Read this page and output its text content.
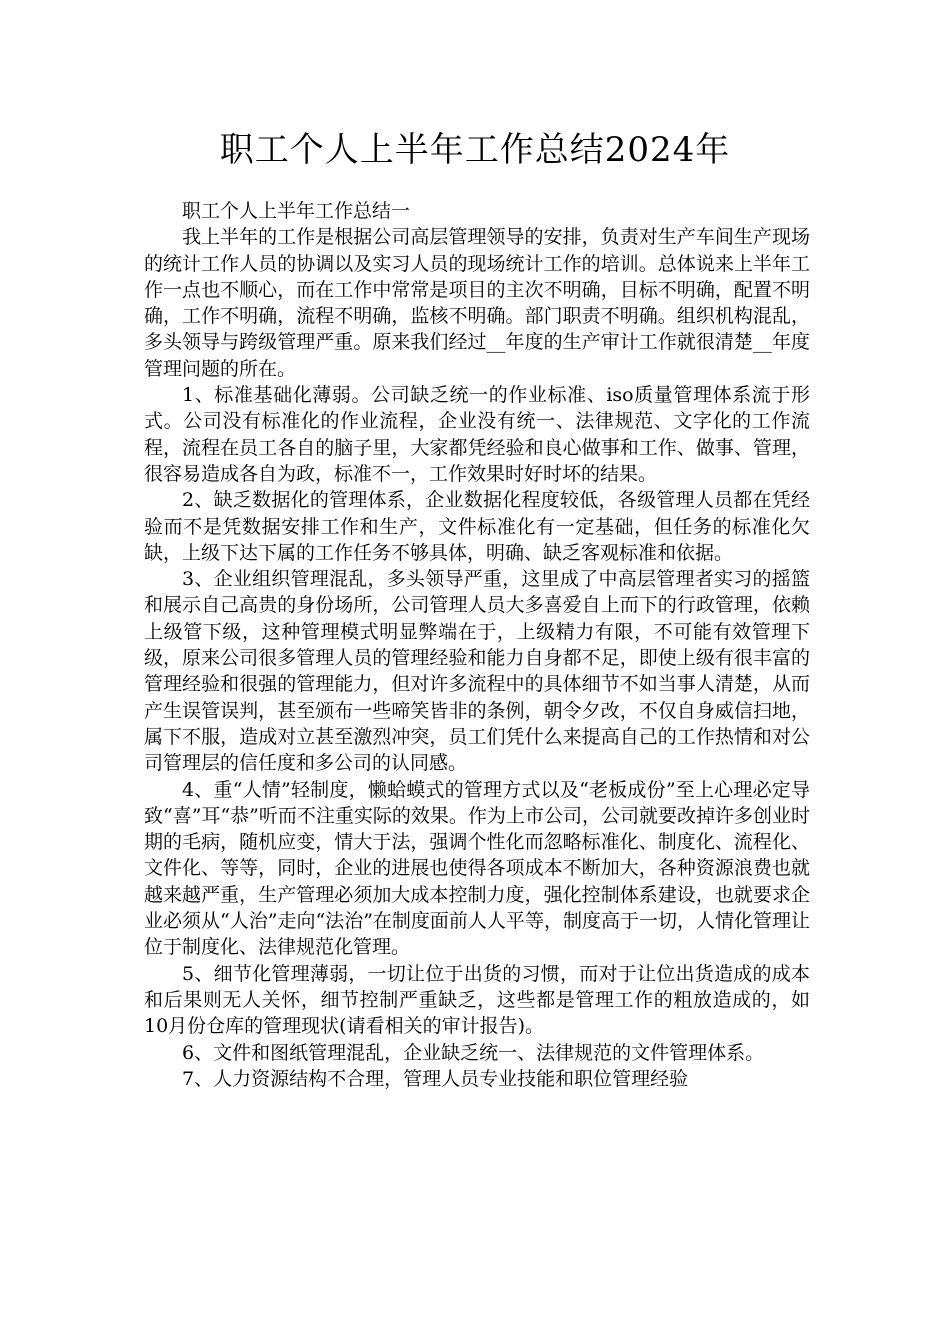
职工个人上半年工作总结2024年

职工个人上半年工作总结一

我上半年的工作是根据公司高层管理领导的安排，负责对生产车间生产现场的统计工作人员的协调以及实习人员的现场统计工作的培训。总体说来上半年工作一点也不顺心，而在工作中常常是项目的主次不明确，目标不明确，配置不明确，工作不明确，流程不明确，监核不明确。部门职责不明确。组织机构混乱，多头领导与跨级管理严重。原来我们经过__年度的生产审计工作就很清楚__年度管理问题的所在。

1、标准基础化薄弱。公司缺乏统一的作业标准、iso质量管理体系流于形式。公司没有标准化的作业流程，企业没有统一、法律规范、文字化的工作流程，流程在员工各自的脑子里，大家都凭经验和良心做事和工作、做事、管理，很容易造成各自为政，标准不一，工作效果时好时坏的结果。

2、缺乏数据化的管理体系，企业数据化程度较低，各级管理人员都在凭经验而不是凭数据安排工作和生产，文件标准化有一定基础，但任务的标准化欠缺，上级下达下属的工作任务不够具体，明确、缺乏客观标准和依据。

3、企业组织管理混乱，多头领导严重，这里成了中高层管理者实习的摇篮和展示自己高贵的身份场所，公司管理人员大多喜爱自上而下的行政管理，依赖上级管下级，这种管理模式明显弊端在于，上级精力有限，不可能有效管理下级，原来公司很多管理人员的管理经验和能力自身都不足，即使上级有很丰富的管理经验和很强的管理能力，但对许多流程中的具体细节不如当事人清楚，从而产生误管误判，甚至颁布一些啼笑皆非的条例，朝令夕改，不仅自身威信扫地，属下不服，造成对立甚至激烈冲突，员工们凭什么来提高自己的工作热情和对公司管理层的信任度和多公司的认同感。

4、重“人情”轻制度，懒蛤蟆式的管理方式以及“老板成份”至上心理必定导致“喜”耳“恭”听而不注重实际的效果。作为上市公司，公司就要改掉许多创业时期的毛病，随机应变，情大于法，强调个性化而忽略标准化、制度化、流程化、文件化、等等，同时，企业的进展也使得各项成本不断加大，各种资源浪费也就越来越严重，生产管理必须加大成本控制力度，强化控制体系建设，也就要求企业必须从“人治”走向“法治”在制度面前人人平等，制度高于一切，人情化管理让位于制度化、法律规范化管理。

5、细节化管理薄弱，一切让位于出货的习惯，而对于让位出货造成的成本和后果则无人关怀，细节控制严重缺乏，这些都是管理工作的粗放造成的，如10月份仓库的管理现状(请看相关的审计报告)。

6、文件和图纸管理混乱，企业缺乏统一、法律规范的文件管理体系。

7、人力资源结构不合理，管理人员专业技能和职位管理经验
